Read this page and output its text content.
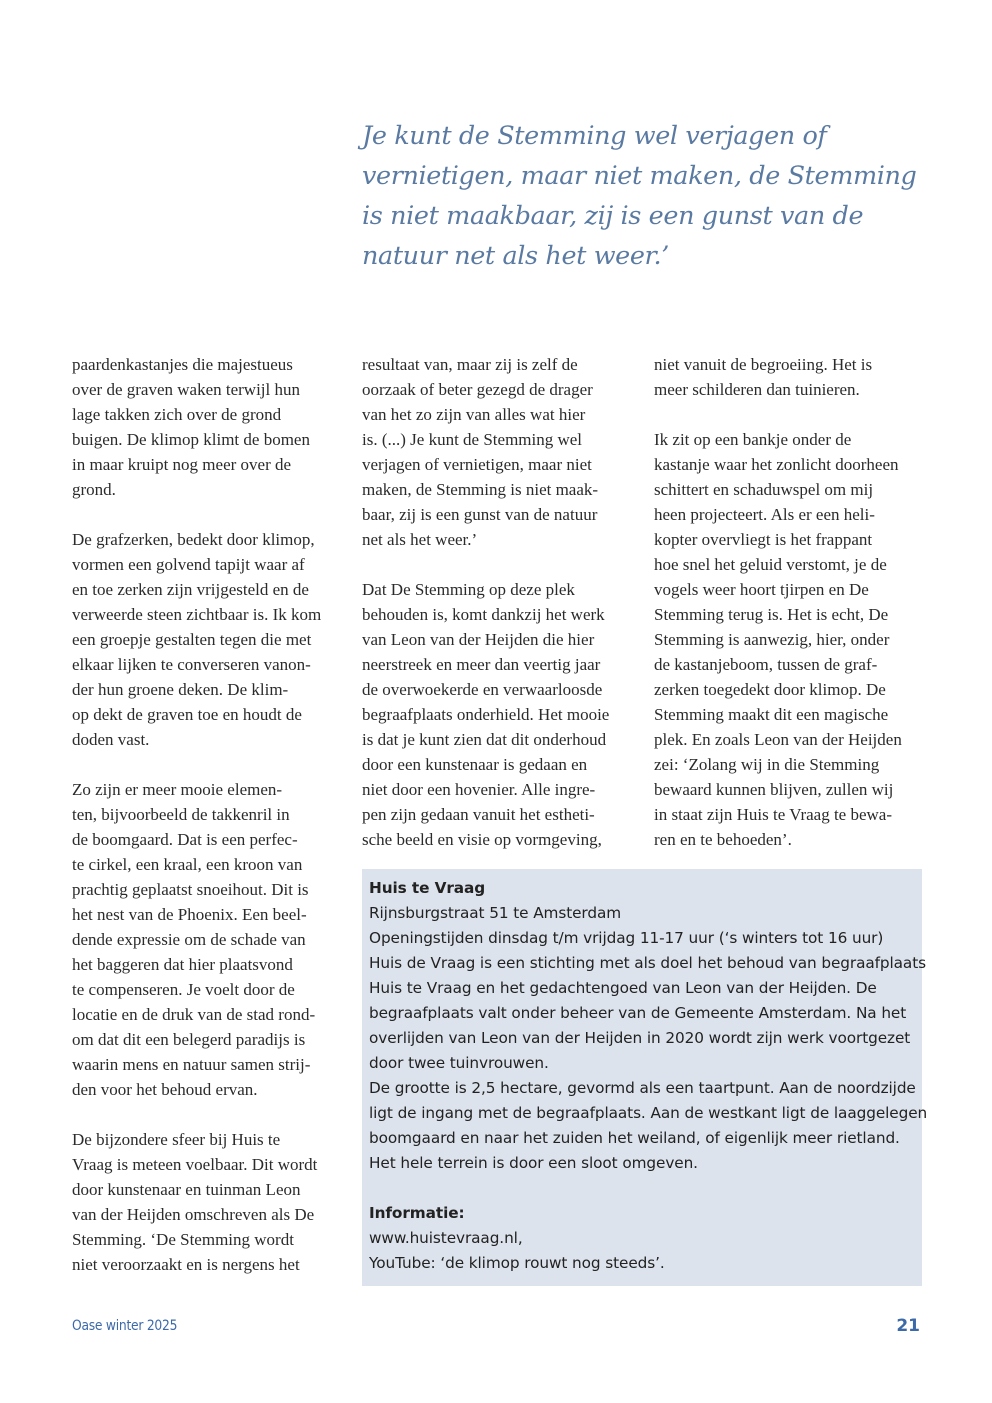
Je kunt de Stemming wel verjagen of
vernietigen, maar niet maken, de Stemming
is niet maakbaar, zij is een gunst van de
natuur net als het weer.’
paardenkastanjes die majestueus
over de graven waken terwijl hun
lage takken zich over de grond
buigen. De klimop klimt de bomen
in maar kruipt nog meer over de
grond.
De grafzerken, bedekt door klimop,
vormen een golvend tapijt waar af
en toe zerken zijn vrijgesteld en de
verweerde steen zichtbaar is. Ik kom
een groepje gestalten tegen die met
elkaar lijken te converseren vanon-
der hun groene deken. De klim-
op dekt de graven toe en houdt de
doden vast.
Zo zijn er meer mooie elemen-
ten, bijvoorbeeld de takkenril in
de boomgaard. Dat is een perfec-
te cirkel, een kraal, een kroon van
prachtig geplaatst snoeihout. Dit is
het nest van de Phoenix. Een beel-
dende expressie om de schade van
het baggeren dat hier plaatsvond
te compenseren. Je voelt door de
locatie en de druk van de stad rond-
om dat dit een belegerd paradijs is
waarin mens en natuur samen strij-
den voor het behoud ervan.
De bijzondere sfeer bij Huis te
Vraag is meteen voelbaar. Dit wordt
door kunstenaar en tuinman Leon
van der Heijden omschreven als De
Stemming. ‘De Stemming wordt
niet veroorzaakt en is nergens het
resultaat van, maar zij is zelf de
oorzaak of beter gezegd de drager
van het zo zijn van alles wat hier
is. (...) Je kunt de Stemming wel
verjagen of vernietigen, maar niet
maken, de Stemming is niet maak-
baar, zij is een gunst van de natuur
net als het weer.’
Dat De Stemming op deze plek
behouden is, komt dankzij het werk
van Leon van der Heijden die hier
neerstreek en meer dan veertig jaar
de overwoekerde en verwaarloosde
begraafplaats onderhield. Het mooie
is dat je kunt zien dat dit onderhoud
door een kunstenaar is gedaan en
niet door een hovenier. Alle ingre-
pen zijn gedaan vanuit het estheti-
sche beeld en visie op vormgeving,
niet vanuit de begroeiing. Het is
meer schilderen dan tuinieren.
Ik zit op een bankje onder de
kastanje waar het zonlicht doorheen
schittert en schaduwspel om mij
heen projecteert. Als er een heli-
kopter overvliegt is het frappant
hoe snel het geluid verstomt, je de
vogels weer hoort tjirpen en De
Stemming terug is. Het is echt, De
Stemming is aanwezig, hier, onder
de kastanjeboom, tussen de graf-
zerken toegedekt door klimop. De
Stemming maakt dit een magische
plek. En zoals Leon van der Heijden
zei: ‘Zolang wij in die Stemming
bewaard kunnen blijven, zullen wij
in staat zijn Huis te Vraag te bewa-
ren en te behoeden’.
Huis te Vraag
Rijnsburgstraat 51 te Amsterdam
Openingstijden dinsdag t/m vrijdag 11-17 uur (‘s winters tot 16 uur)
Huis de Vraag is een stichting met als doel het behoud van begraafplaats
Huis te Vraag en het gedachtengoed van Leon van der Heijden. De
begraafplaats valt onder beheer van de Gemeente Amsterdam. Na het
overlijden van Leon van der Heijden in 2020 wordt zijn werk voortgezet
door twee tuinvrouwen.
De grootte is 2,5 hectare, gevormd als een taartpunt. Aan de noordzijde
ligt de ingang met de begraafplaats. Aan de westkant ligt de laaggelegen
boomgaard en naar het zuiden het weiland, of eigenlijk meer rietland.
Het hele terrein is door een sloot omgeven.
Informatie:
www.huistevraag.nl,
YouTube: ‘de klimop rouwt nog steeds’.
Oase winter 2025	21
